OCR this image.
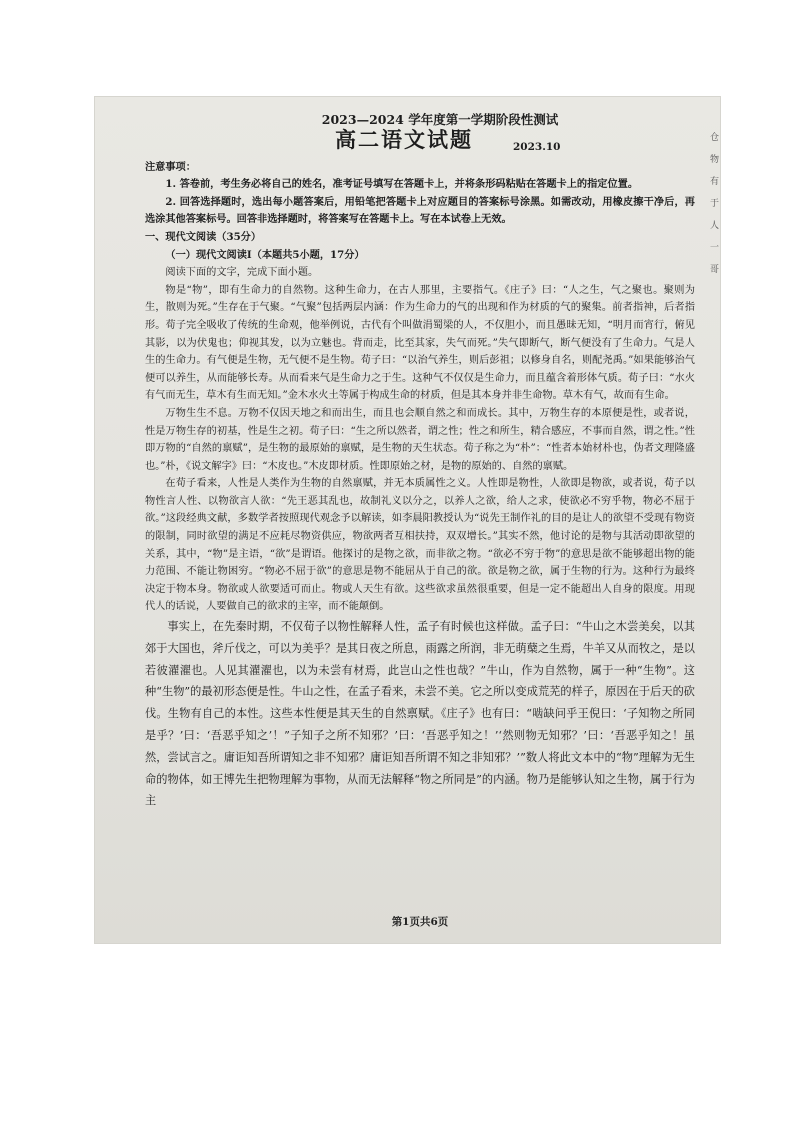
仓 物 有 于 人 一 哥
2023—2024 学年度第一学期阶段性测试
高二语文试题	2023.10

注意事项：

1. 答卷前，考生务必将自己的姓名，准考证号填写在答题卡上，并将条形码粘贴在答题卡上的指定位置。

2. 回答选择题时，选出每小题答案后，用铅笔把答题卡上对应题目的答案标号涂黑。如需改动，用橡皮擦干净后，再选涂其他答案标号。回答非选择题时，将答案写在答题卡上。写在本试卷上无效。

一、现代文阅读（35分）

（一）现代文阅读Ⅰ（本题共5小题，17分）

阅读下面的文字，完成下面小题。

物是“物”，即有生命力的自然物。这种生命力，在古人那里，主要指气。《庄子》曰：“人之生，气之聚也。聚则为生，散则为死。”生存在于气聚。“气聚”包括两层内涵：作为生命力的气的出现和作为材质的气的聚集。前者指神，后者指形。荀子完全吸收了传统的生命观，他举例说，古代有个叫做涓蜀梁的人，不仅胆小，而且愚昧无知，“明月而宵行，俯见其影，以为伏鬼也；仰视其发，以为立魅也。背而走，比至其家，失气而死。”失气即断气，断气便没有了生命力。气是人生的生命力。有气便是生物，无气便不是生物。荀子曰：“以治气养生，则后彭祖；以修身自名，则配尧禹。”如果能够治气便可以养生，从而能够长寿。从而看来气是生命力之于生。这种气不仅仅是生命力，而且蕴含着形体气质。荀子曰：“水火有气而无生，草木有生而无知。”金木水火土等属于构成生命的材质，但是其本身并非生命物。草木有气，故而有生命。

万物生生不息。万物不仅因天地之和而出生，而且也会顺自然之和而成长。其中，万物生存的本原便是性，或者说，性是万物生存的初基，性是生之初。荀子曰：“生之所以然者，谓之性；性之和所生，精合感应，不事而自然，谓之性。”性即万物的“自然的禀赋”，是生物的最原始的禀赋，是生物的天生状态。荀子称之为“朴”：“性者本始材朴也，伪者文理隆盛也。”朴，《说文解字》曰：“木皮也。”木皮即材质。性即原始之材，是物的原始的、自然的禀赋。

在荀子看来，人性是人类作为生物的自然禀赋，并无本质属性之义。人性即是物性，人欲即是物欲，或者说，荀子以物性言人性、以物欲言人欲：“先王恶其乱也，故制礼义以分之，以养人之欲，给人之求，使欲必不穷乎物，物必不屈于欲。”这段经典文献，多数学者按照现代观念予以解读，如李晨阳教授认为“说先王制作礼的目的是让人的欲望不受现有物资的限制，同时欲望的满足不应耗尽物资供应，物欲两者互相扶持，双双增长。”其实不然，他讨论的是物与其活动即欲望的关系，其中，“物”是主语，“欲”是谓语。他探讨的是物之欲，而非欲之物。“欲必不穷于物”的意思是欲不能够超出物的能力范围、不能让物困穷。“物必不屈于欲”的意思是物不能屈从于自己的欲。欲是物之欲，属于生物的行为。这种行为最终决定于物本身。物欲或人欲要适可而止。物或人天生有欲。这些欲求虽然很重要，但是一定不能超出人自身的限度。用现代人的话说，人要做自己的欲求的主宰，而不能颠倒。

事实上，在先秦时期，不仅荀子以物性解释人性，孟子有时候也这样做。孟子曰：“牛山之木尝美矣，以其郊于大国也，斧斤伐之，可以为美乎？是其日夜之所息，雨露之所润，非无萌蘖之生焉，牛羊又从而牧之，是以若彼濯濯也。人见其濯濯也，以为未尝有材焉，此岂山之性也哉？”牛山，作为自然物，属于一种“生物”。这种“生物”的最初形态便是性。牛山之性，在孟子看来，未尝不美。它之所以变成荒芜的样子，原因在于后天的砍伐。生物有自己的本性。这些本性便是其天生的自然禀赋。《庄子》也有曰：“啮缺问乎王倪曰：‘子知物之所同是乎？’曰：‘吾恶乎知之’！”子知子之所不知邪？’曰：‘吾恶乎知之！’‘然则物无知邪？’曰：‘吾恶乎知之！虽然，尝试言之。庸讵知吾所谓知之非不知邪？庸讵知吾所谓不知之非知邪？’”数人将此文本中的“物”理解为无生命的物体，如王博先生把物理解为事物，从而无法解释“物之所同是”的内涵。物乃是能够认知之生物，属于行为主

第1页共6页
